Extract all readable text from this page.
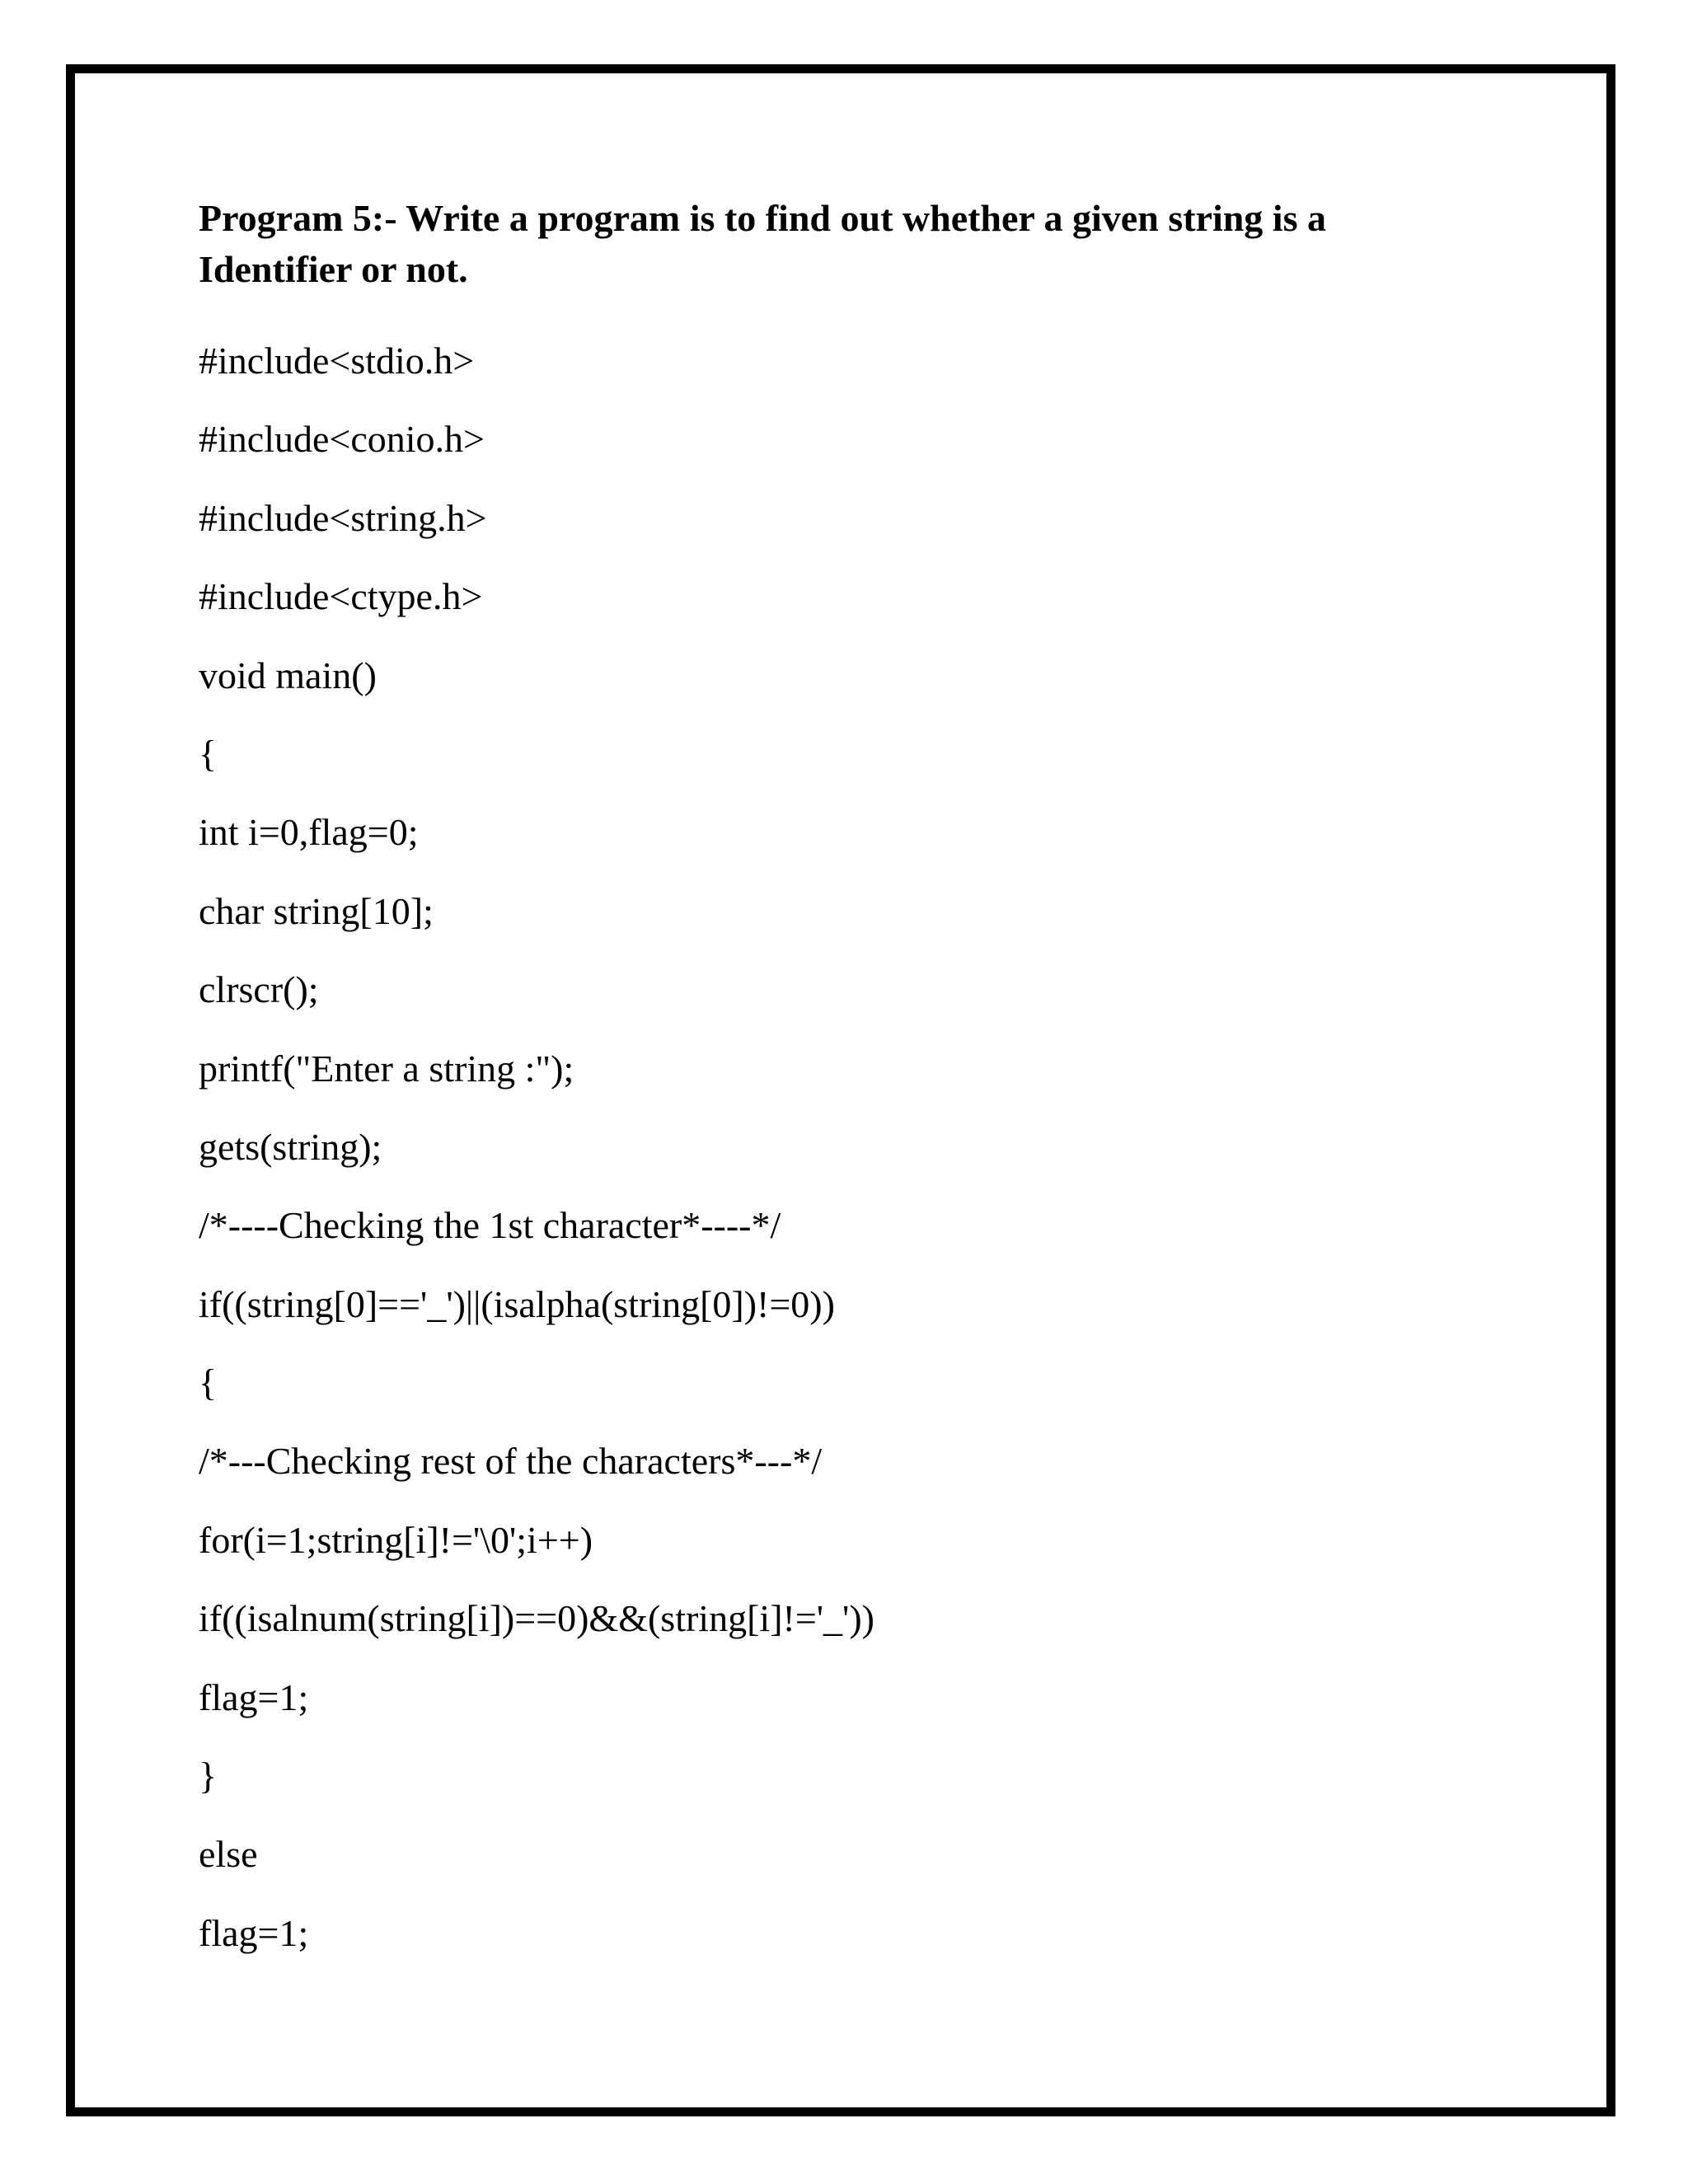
Program 5:- Write a program is to find out whether a given string is a
Identifier or not.
#include<stdio.h>
#include<conio.h>
#include<string.h>
#include<ctype.h>
void main()
{
int i=0,flag=0;
char string[10];
clrscr();
printf("Enter a string :");
gets(string);
/*----Checking the 1st character*----*/
if((string[0]=='_')||(isalpha(string[0])!=0))
{
/*---Checking rest of the characters*---*/
for(i=1;string[i]!='\0';i++)
if((isalnum(string[i])==0)&&(string[i]!='_'))
flag=1;
}
else
flag=1;
